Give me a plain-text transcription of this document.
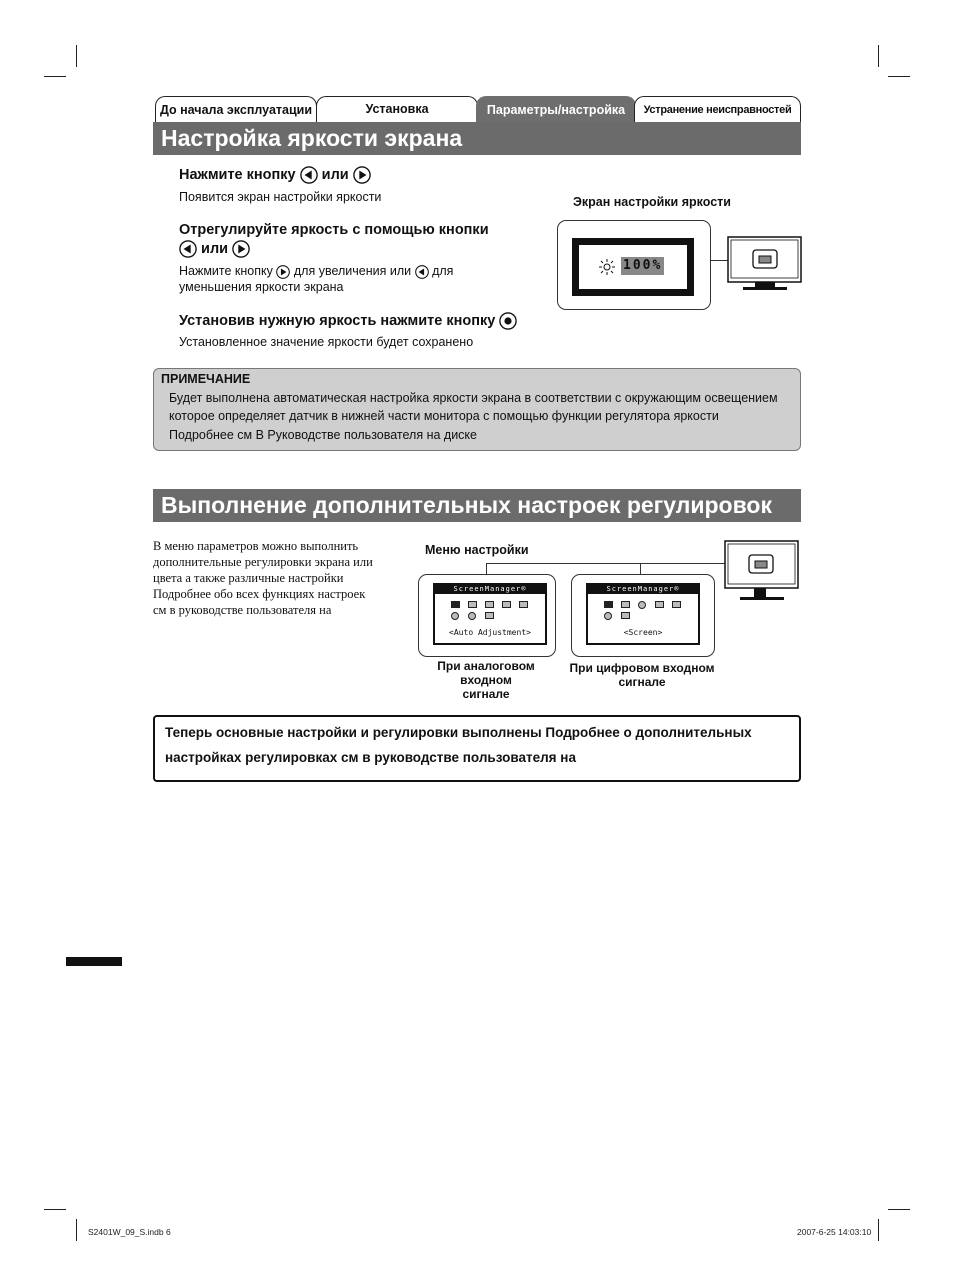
До начала эксплуатации	Установка	Параметры/настройка	Устранение неисправностей
Настройка яркости экрана
Нажмите кнопку или
Появится экран настройки яркости
Отрегулируйте яркость с помощью кнопки
или
Нажмите кнопку для увеличения или для
уменьшения яркости экрана
Установив нужную яркость нажмите кнопку
Установленное значение яркости будет сохранено
Экран настройки яркости
100%
ПРИМЕЧАНИЕ
Будет выполнена автоматическая настройка яркости экрана в соответствии с окружающим освещением
которое определяет датчик в нижней части монитора с помощью функции регулятора яркости
Подробнее см В Руководстве пользователя на диске
Выполнение дополнительных настроек регулировок
В меню параметров можно выполнить
дополнительные регулировки экрана или
цвета а также различные настройки
Подробнее обо всех функциях настроек
см в руководстве пользователя на
Меню настройки
ScreenManager®
<Auto Adjustment>
При аналоговом входном
сигнале
ScreenManager®
<Screen>
При цифровом входном
сигнале
Теперь основные настройки и регулировки выполнены Подробнее о дополнительных
настройках регулировках см в руководстве пользователя на
S2401W_09_S.indb 6	2007-6-25 14:03:10
